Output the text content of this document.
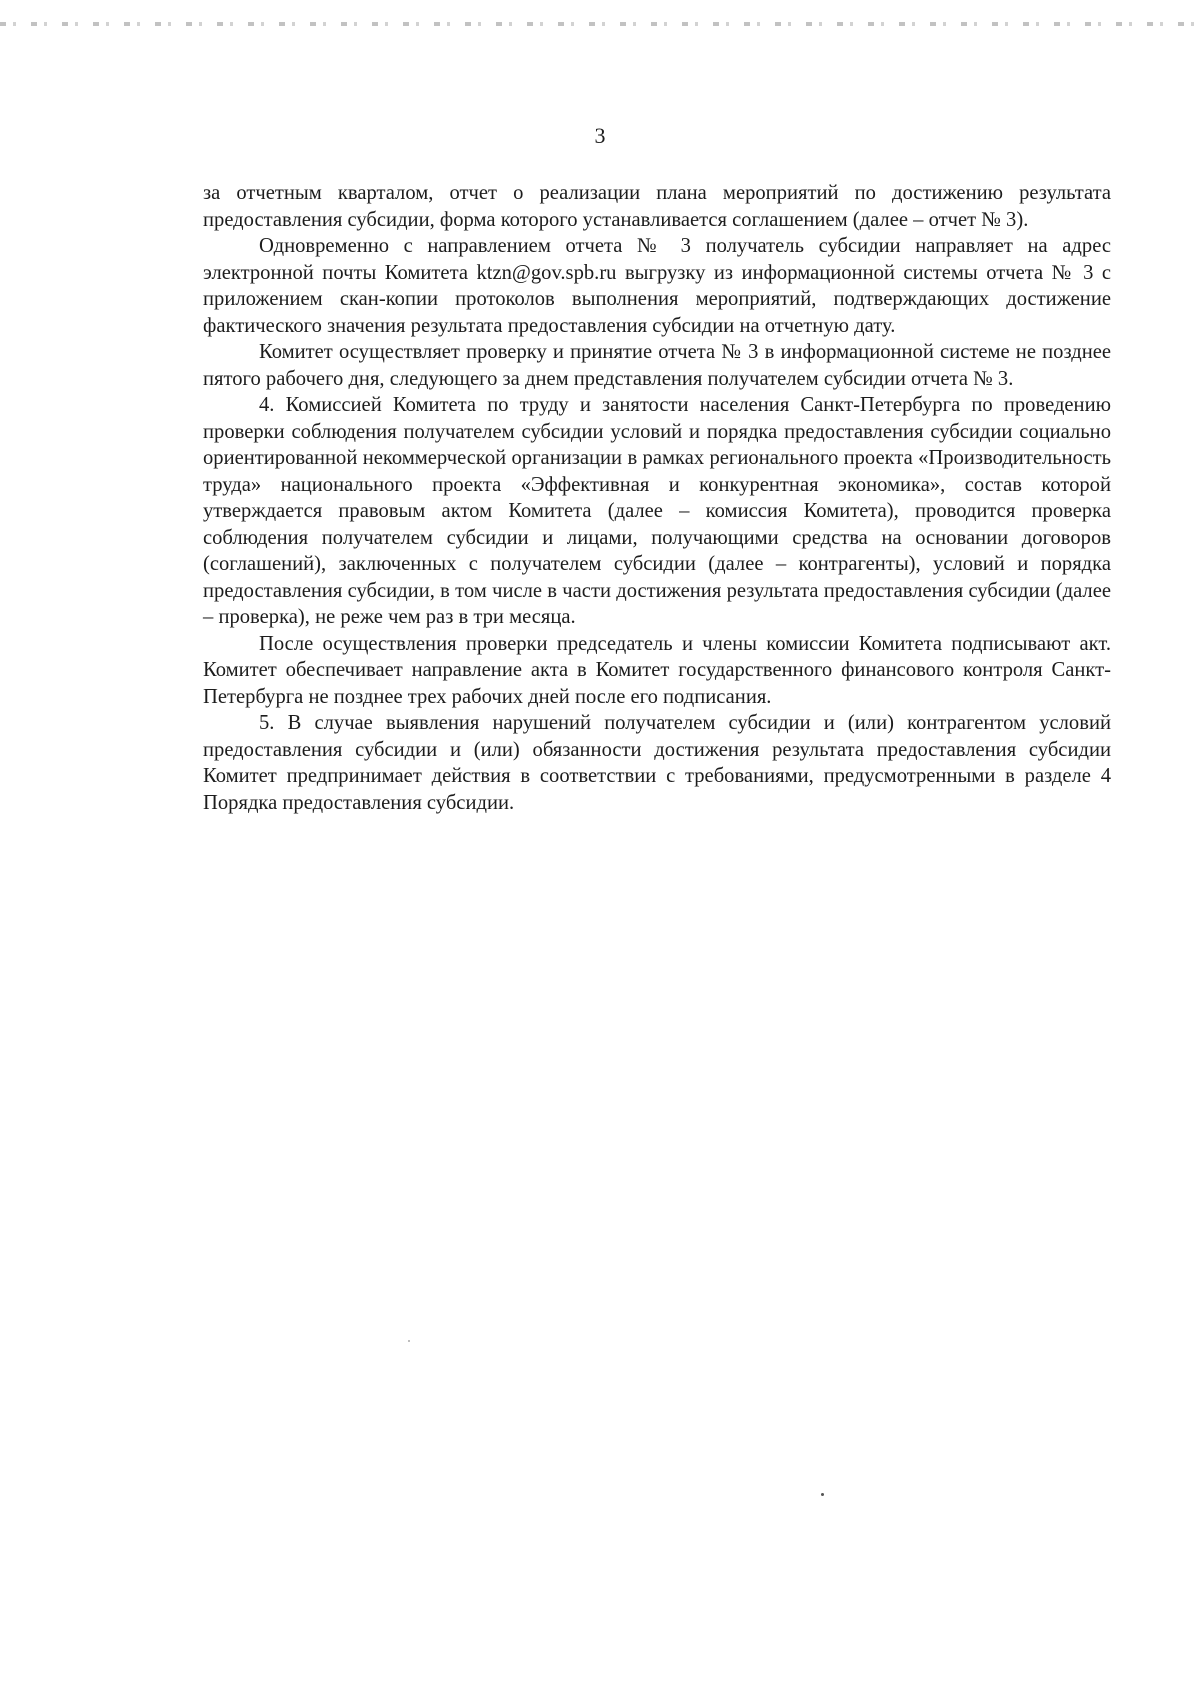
3

за отчетным кварталом, отчет о реализации плана мероприятий по достижению результата предоставления субсидии, форма которого устанавливается соглашением (далее – отчет № 3).

Одновременно с направлением отчета № 3 получатель субсидии направляет на адрес электронной почты Комитета ktzn@gov.spb.ru выгрузку из информационной системы отчета № 3 с приложением скан-копии протоколов выполнения мероприятий, подтверждающих достижение фактического значения результата предоставления субсидии на отчетную дату.

Комитет осуществляет проверку и принятие отчета № 3 в информационной системе не позднее пятого рабочего дня, следующего за днем представления получателем субсидии отчета № 3.

4. Комиссией Комитета по труду и занятости населения Санкт-Петербурга по проведению проверки соблюдения получателем субсидии условий и порядка предоставления субсидии социально ориентированной некоммерческой организации в рамках регионального проекта «Производительность труда» национального проекта «Эффективная и конкурентная экономика», состав которой утверждается правовым актом Комитета (далее – комиссия Комитета), проводится проверка соблюдения получателем субсидии и лицами, получающими средства на основании договоров (соглашений), заключенных с получателем субсидии (далее – контрагенты), условий и порядка предоставления субсидии, в том числе в части достижения результата предоставления субсидии (далее – проверка), не реже чем раз в три месяца.

После осуществления проверки председатель и члены комиссии Комитета подписывают акт. Комитет обеспечивает направление акта в Комитет государственного финансового контроля Санкт-Петербурга не позднее трех рабочих дней после его подписания.

5. В случае выявления нарушений получателем субсидии и (или) контрагентом условий предоставления субсидии и (или) обязанности достижения результата предоставления субсидии Комитет предпринимает действия в соответствии с требованиями, предусмотренными в разделе 4 Порядка предоставления субсидии.
